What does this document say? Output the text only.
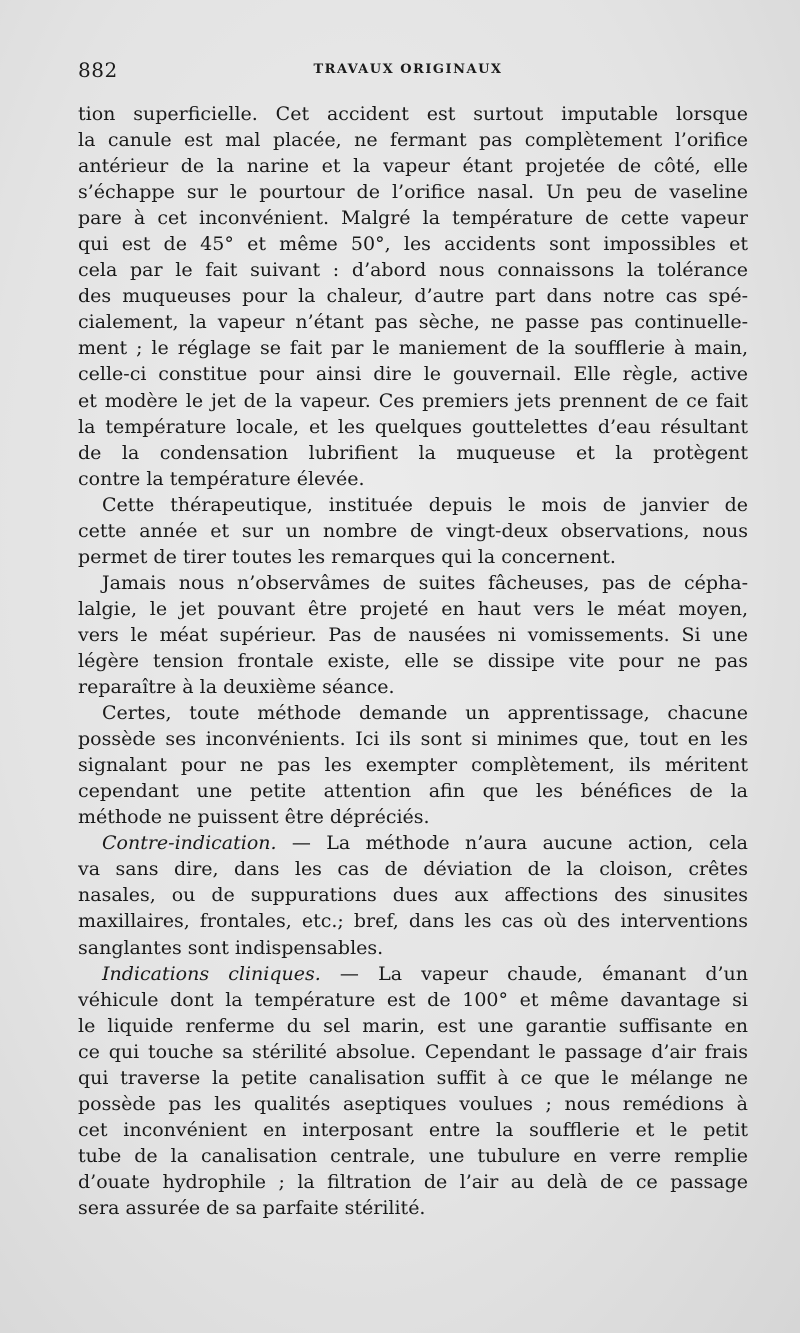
882	TRAVAUX ORIGINAUX
tion superficielle. Cet accident est surtout imputable lorsque
la canule est mal placée, ne fermant pas complètement l’orifice
antérieur de la narine et la vapeur étant projetée de côté, elle
s’échappe sur le pourtour de l’orifice nasal. Un peu de vaseline
pare à cet inconvénient. Malgré la température de cette vapeur
qui est de 45° et même 50°, les accidents sont impossibles et
cela par le fait suivant : d’abord nous connaissons la tolérance
des muqueuses pour la chaleur, d’autre part dans notre cas spé-
cialement, la vapeur n’étant pas sèche, ne passe pas continuelle-
ment ; le réglage se fait par le maniement de la soufflerie à main,
celle-ci constitue pour ainsi dire le gouvernail. Elle règle, active
et modère le jet de la vapeur. Ces premiers jets prennent de ce fait
la température locale, et les quelques gouttelettes d’eau résultant
de la condensation lubrifient la muqueuse et la protègent
contre la température élevée.
Cette thérapeutique, instituée depuis le mois de janvier de
cette année et sur un nombre de vingt-deux observations, nous
permet de tirer toutes les remarques qui la concernent.
Jamais nous n’observâmes de suites fâcheuses, pas de cépha-
lalgie, le jet pouvant être projeté en haut vers le méat moyen,
vers le méat supérieur. Pas de nausées ni vomissements. Si une
légère tension frontale existe, elle se dissipe vite pour ne pas
reparaître à la deuxième séance.
Certes, toute méthode demande un apprentissage, chacune
possède ses inconvénients. Ici ils sont si minimes que, tout en les
signalant pour ne pas les exempter complètement, ils méritent
cependant une petite attention afin que les bénéfices de la
méthode ne puissent être dépréciés.
Contre-indication. — La méthode n’aura aucune action, cela
va sans dire, dans les cas de déviation de la cloison, crêtes
nasales, ou de suppurations dues aux affections des sinusites
maxillaires, frontales, etc.; bref, dans les cas où des interventions
sanglantes sont indispensables.
Indications cliniques. — La vapeur chaude, émanant d’un
véhicule dont la température est de 100° et même davantage si
le liquide renferme du sel marin, est une garantie suffisante en
ce qui touche sa stérilité absolue. Cependant le passage d’air frais
qui traverse la petite canalisation suffit à ce que le mélange ne
possède pas les qualités aseptiques voulues ; nous remédions à
cet inconvénient en interposant entre la soufflerie et le petit
tube de la canalisation centrale, une tubulure en verre remplie
d’ouate hydrophile ; la filtration de l’air au delà de ce passage
sera assurée de sa parfaite stérilité.
